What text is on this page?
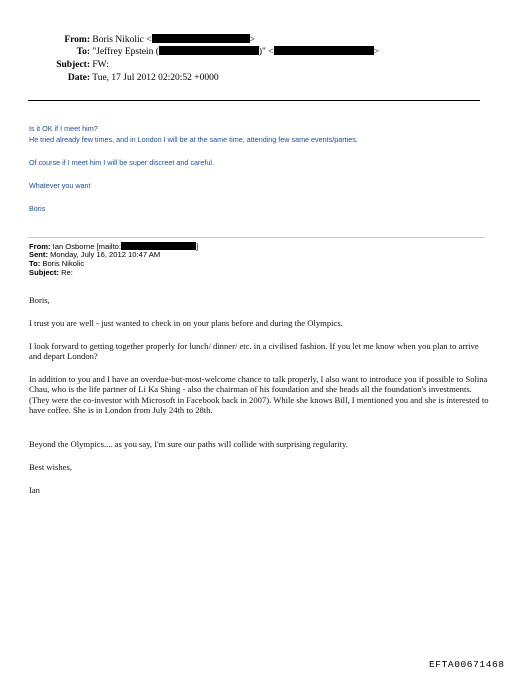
From: Boris Nikolic <	>
To: "Jeffrey Epstein (	)" <	>
Subject: FW:
Date: Tue, 17 Jul 2012 02:20:52 +0000
Is it OK if I meet him?
He tried already few times, and in London I will be at the same time, attending few same events/parties.
Of course if I meet him I will be super discreet and careful.
Whatever you want
Boris
From: Ian Osborne [mailto:	]
Sent: Monday, July 16, 2012 10:47 AM
To: Boris Nikolic
Subject: Re:
Boris,
I trust you are well - just wanted to check in on your plans before and during the Olympics.
I look forward to getting together properly for lunch/ dinner/ etc. in a civilised fashion. If you let me know when you plan to arrive and depart London?
In addition to you and I have an overdue-but-most-welcome chance to talk properly, I also want to introduce you if possible to Solina Chau, who is the life partner of Li Ka Shing - also the chairman of his foundation and she heads all the foundation's investments. (They were the co-investor with Microsoft in Facebook back in 2007). While she knows Bill, I mentioned you and she is interested to have coffee. She is in London from July 24th to 28th.
Beyond the Olympics.... as you say, I'm sure our paths will collide with surprising regularity.
Best wishes,
Ian
EFTA00671468
